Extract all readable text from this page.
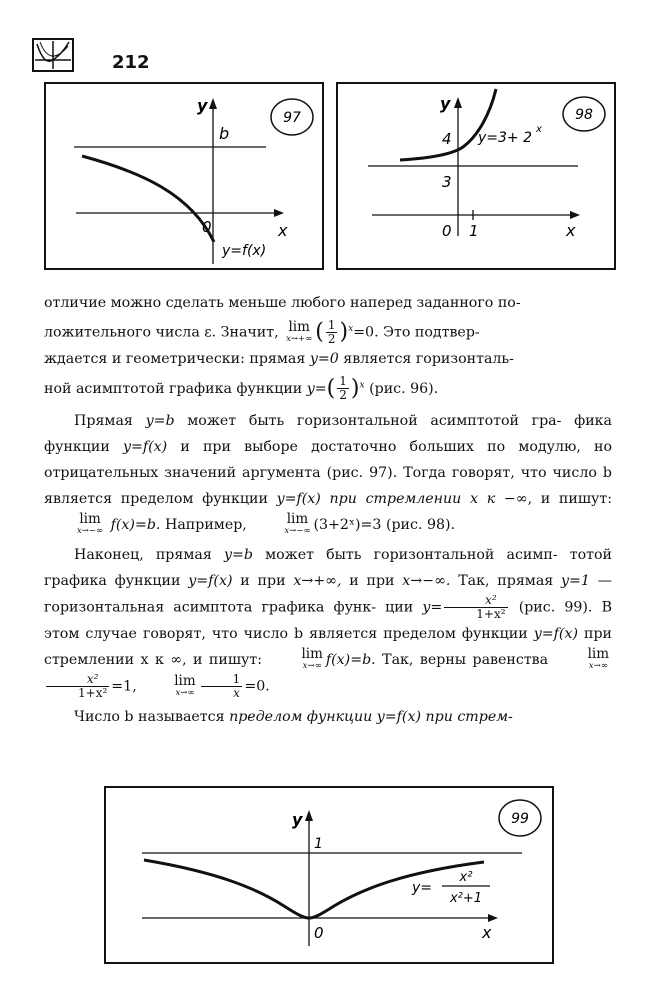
212
97
y
b
x
0
y=f(x)
98
y
4
3
0 1	x
y=3+ 2
x

отличие можно сделать меньше любого наперед заданного по-
ложительного числа ε. Значит, lim
x→+∞ ( $\frac{1}{2} )^x=0$. Это подтвер-
ждается и геометрически: прямая y=0 является горизонталь-
ной асимптотой графика функции $y=( \frac{1}{2} )^x$ (рис. 96).

Прямая y=b может быть горизонтальной асимптотой гра- фика функции y=f(x) и при выборе достаточно больших по модулю, но отрицательных значений аргумента (рис. 97). Тогда говорят, что число b является пределом функции y=f(x) при стремлении x к −∞, и пишут:
lim
x→−∞ f(x)=b. Например,	lim
x→−∞ (3+2ˣ)=3 (рис. 98).

Наконец, прямая y=b может быть горизонтальной асимп- тотой графика функции y=f(x) и при x→+∞, и при x→−∞. Так, прямая y=1 — горизонтальная асимптота графика функ- ции $y= \frac{\text{x²}}{\text{1+x²}} (рис$. 99). В этом случае говорят, что число b является пределом функции y=f(x) при стремлении x к ∞, и пишут:	lim
x→∞ f(x)=b. Так, верны равенства	lim
x→∞
$\frac{\text{x²}}{\text{1+x²}} =1$,	lim
$x\to\infty \frac{1}{x} =0$.

Число b называется пределом функции y=f(x) при стрем-

99
y
1
0	x
y=
x²
x²+1
